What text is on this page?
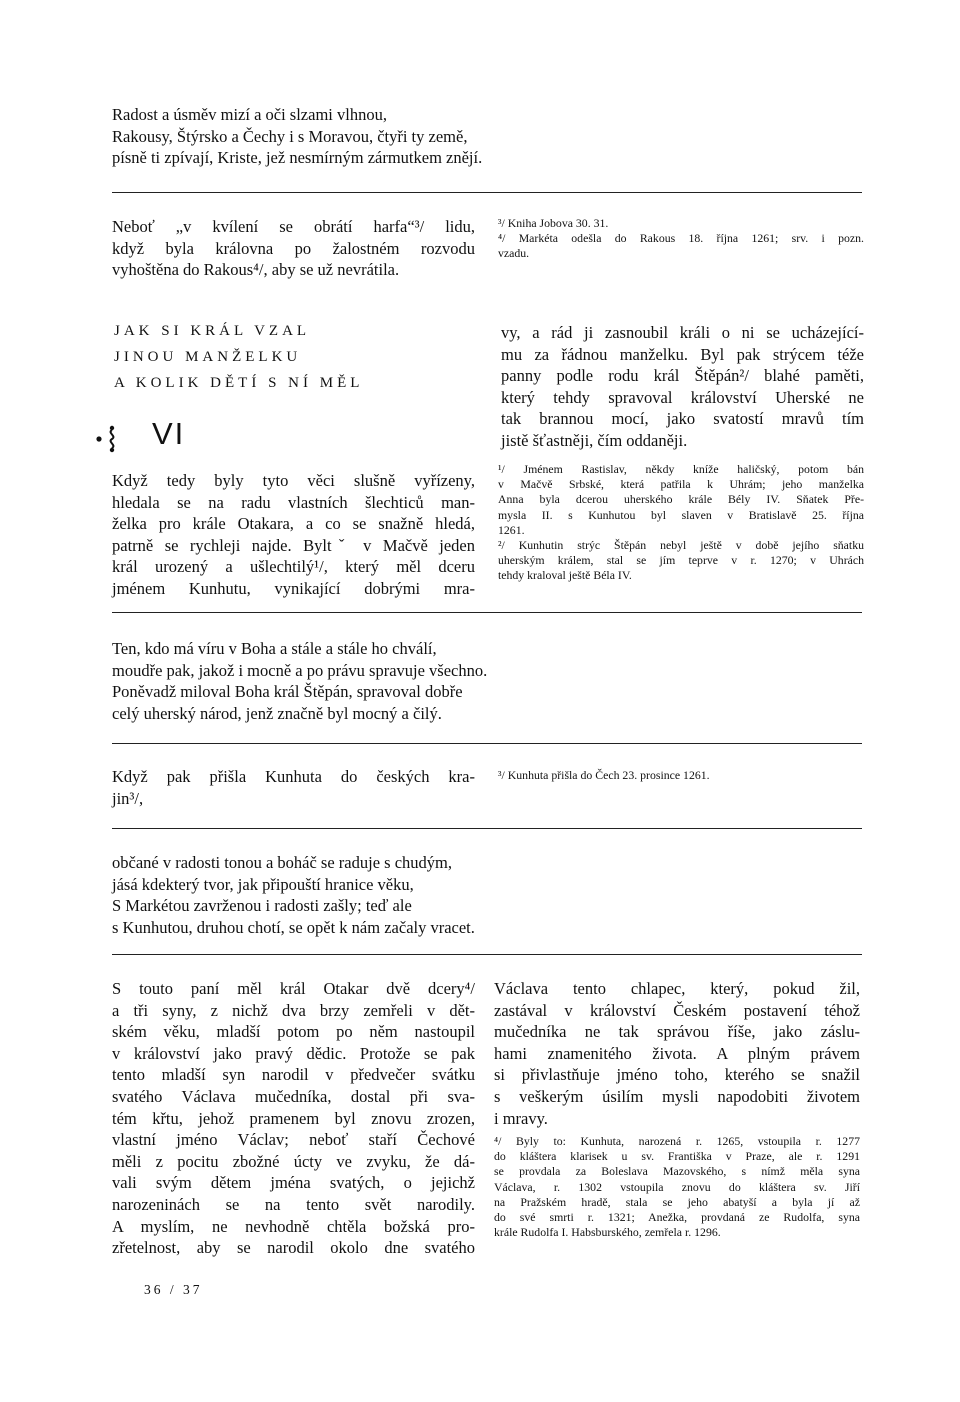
Radost a úsměv mizí a oči slzami vlhnou,
Rakousy, Štýrsko a Čechy i s Moravou, čtyři ty země,
písně ti zpívají, Kriste, jež nesmírným zármutkem znějí.
Neboť „v kvílení se obrátí harfa“³/ lidu,
když byla královna po žalostném rozvodu
vyhoštěna do Rakous⁴/, aby se už nevrátila.
³/ Kniha Jobova 30. 31.
⁴/ Markéta odešla do Rakous 18. října 1261; srv. i pozn.
vzadu.
JAK SI KRÁL VZAL
JINOU MANŽELKU
A KOLIK DĚTÍ S NÍ MĚL
VI
Když tedy byly tyto věci slušně vyřízeny,
hledala se na radu vlastních šlechticů man-
želka pro krále Otakara, a co se snažně hledá,
patrně se rychleji najde. Byltˇ v Mačvě jeden
král urozený a ušlechtilý¹/, který měl dceru
jménem Kunhutu, vynikající dobrými mra-
vy, a rád ji zasnoubil králi o ni se ucházející-
mu za řádnou manželku. Byl pak strýcem téže
panny podle rodu král Štěpán²/ blahé paměti,
který tehdy spravoval království Uherské ne
tak brannou mocí, jako svatostí mravů tím
jistě šťastněji, čím oddaněji.
¹/ Jménem Rastislav, někdy kníže haličský, potom bán
v Mačvě Srbské, která patřila k Uhrám; jeho manželka
Anna byla dcerou uherského krále Bély IV. Sňatek Pře-
mysla II. s Kunhutou byl slaven v Bratislavě 25. října
1261.
²/ Kunhutin strýc Štěpán nebyl ještě v době jejího sňatku
uherským králem, stal se jím teprve v r. 1270; v Uhrách
tehdy kraloval ještě Béla IV.
Ten, kdo má víru v Boha a stále a stále ho chválí,
moudře pak, jakož i mocně a po právu spravuje všechno.
Poněvadž miloval Boha král Štěpán, spravoval dobře
celý uherský národ, jenž značně byl mocný a čilý.
Když pak přišla Kunhuta do českých kra-
jin³/,
³/ Kunhuta přišla do Čech 23. prosince 1261.
občané v radosti tonou a boháč se raduje s chudým,
jásá kdekterý tvor, jak připouští hranice věku,
S Markétou zavrženou i radosti zašly; teď ale
s Kunhutou, druhou chotí, se opět k nám začaly vracet.
S touto paní měl král Otakar dvě dcery⁴/
a tři syny, z nichž dva brzy zemřeli v dět-
ském věku, mladší potom po něm nastoupil
v království jako pravý dědic. Protože se pak
tento mladší syn narodil v předvečer svátku
svatého Václava mučedníka, dostal při sva-
tém křtu, jehož pramenem byl znovu zrozen,
vlastní jméno Václav; neboť staří Čechové
měli z pocitu zbožné úcty ve zvyku, že dá-
vali svým dětem jména svatých, o jejichž
narozeninách se na tento svět narodily.
A myslím, ne nevhodně chtěla božská pro-
zřetelnost, aby se narodil okolo dne svatého
Václava tento chlapec, který, pokud žil,
zastával v království Českém postavení téhož
mučedníka ne tak správou říše, jako záslu-
hami znamenitého života. A plným právem
si přivlastňuje jméno toho, kterého se snažil
s veškerým úsilím mysli napodobiti životem
i mravy.
⁴/ Byly to: Kunhuta, narozená r. 1265, vstoupila r. 1277
do kláštera klarisek u sv. Františka v Praze, ale r. 1291
se provdala za Boleslava Mazovského, s nímž měla syna
Václava, r. 1302 vstoupila znovu do kláštera sv. Jiří
na Pražském hradě, stala se jeho abatyší a byla jí až
do své smrti r. 1321; Anežka, provdaná ze Rudolfa, syna
krále Rudolfa I. Habsburského, zemřela r. 1296.
36 / 37
